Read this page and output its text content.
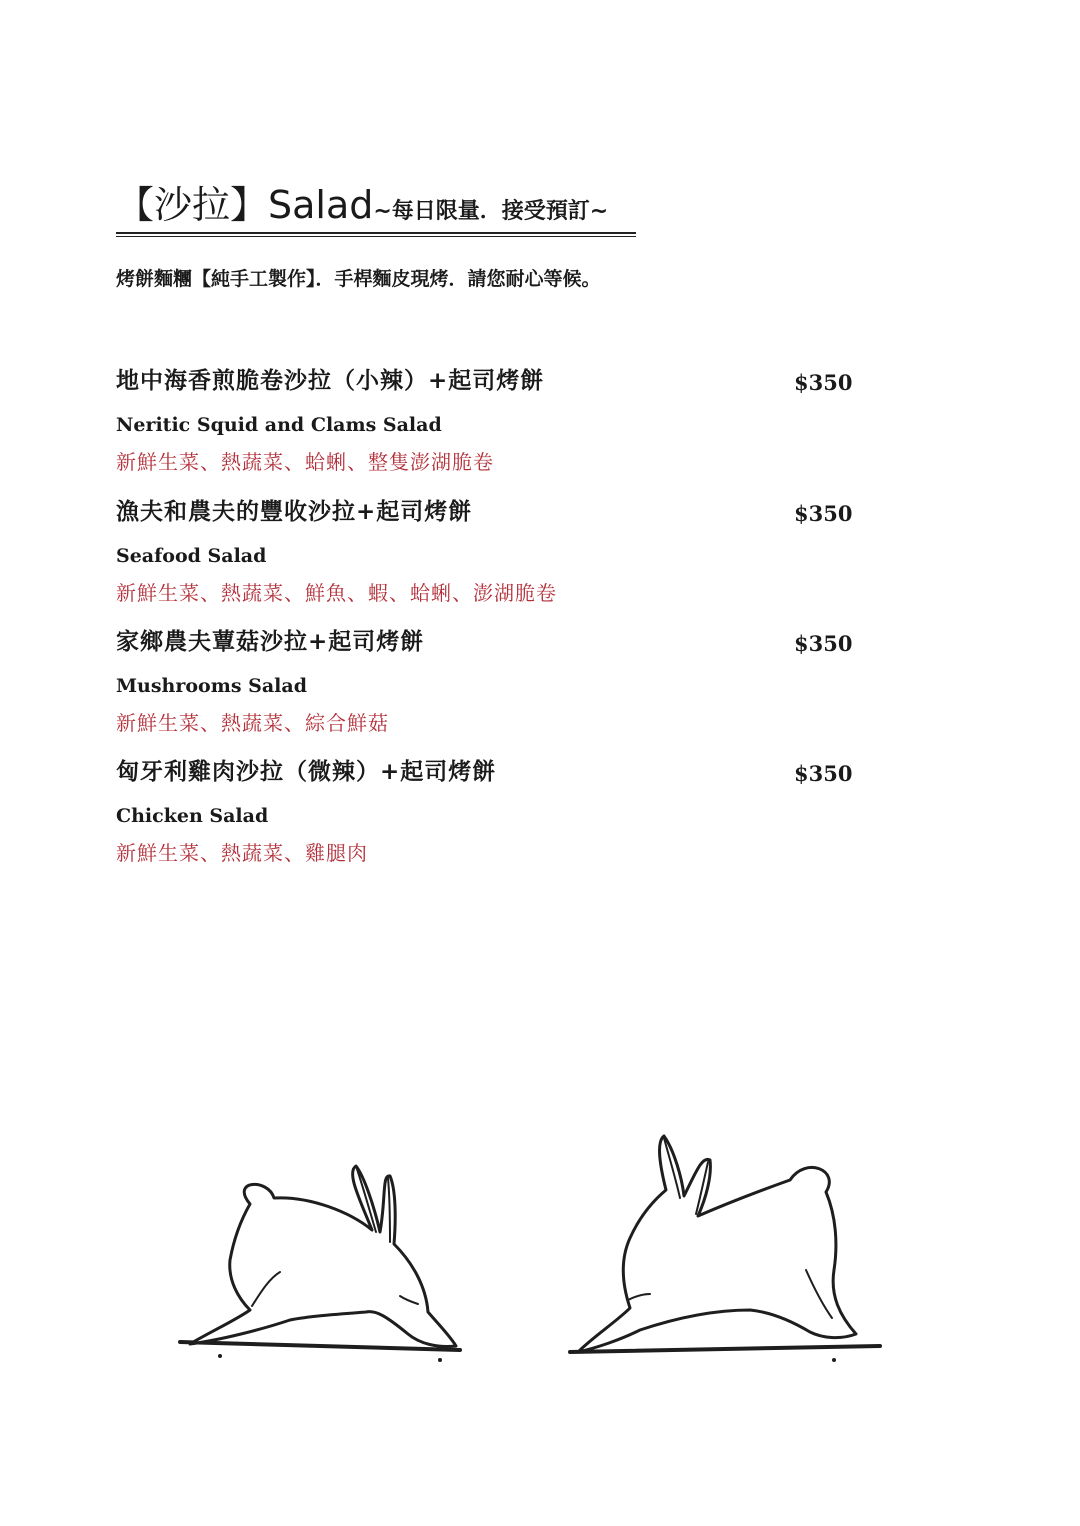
【沙拉】Salad~每日限量．接受預訂~
烤餅麵糰【純手工製作】．手桿麵皮現烤．請您耐心等候。
地中海香煎脆卷沙拉（小辣）+起司烤餅	$350
Neritic Squid and Clams Salad
新鮮生菜、熱蔬菜、蛤蜊、整隻澎湖脆卷
漁夫和農夫的豐收沙拉+起司烤餅	$350
Seafood Salad
新鮮生菜、熱蔬菜、鮮魚、蝦、蛤蜊、澎湖脆卷
家鄉農夫蕈菇沙拉+起司烤餅	$350
Mushrooms Salad
新鮮生菜、熱蔬菜、綜合鮮菇
匈牙利雞肉沙拉（微辣）+起司烤餅	$350
Chicken Salad
新鮮生菜、熱蔬菜、雞腿肉
